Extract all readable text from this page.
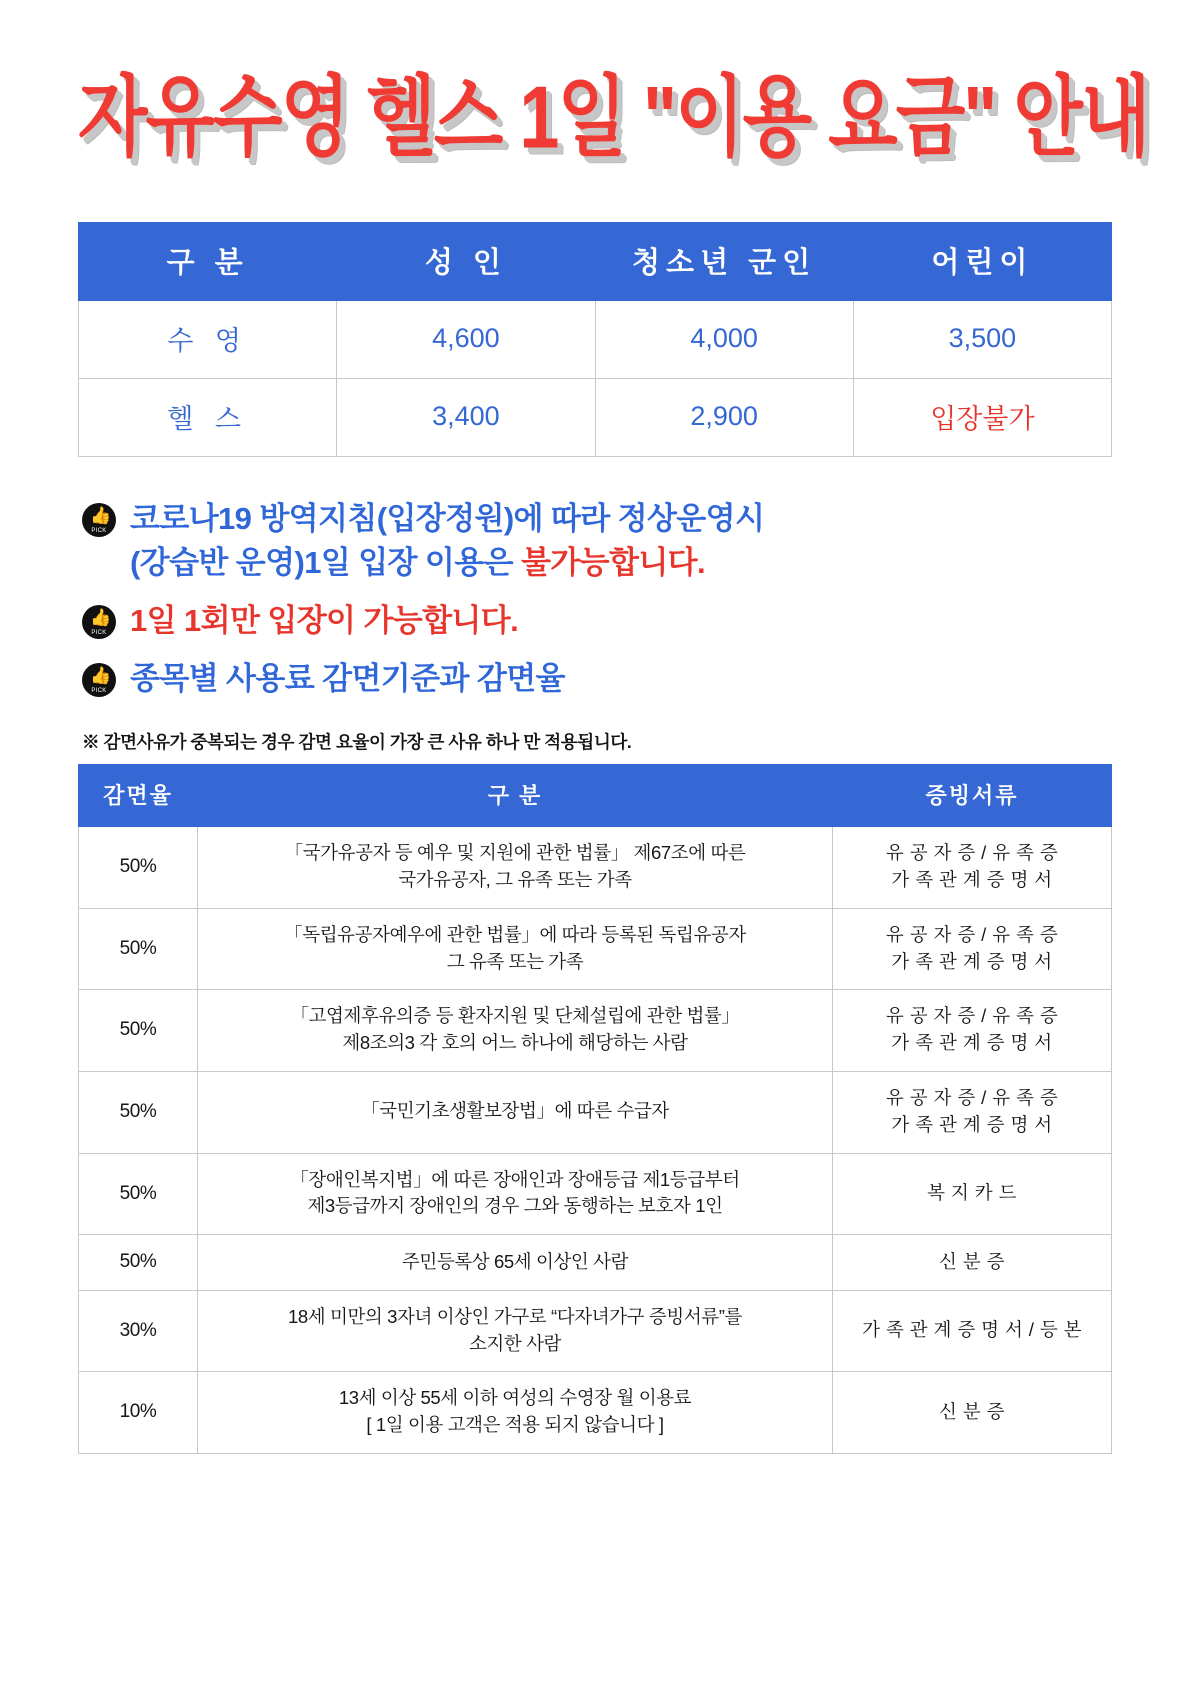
자유수영 헬스 1일 "이용 요금" 안내
구 분	성 인	청소년 군인	어린이
수 영	4,600	4,000	3,500
헬 스	3,400	2,900	입장불가
👍
PICK 코로나19 방역지침(입장정원)에 따라 정상운영시
(강습반 운영)1일 입장 이용은 불가능합니다.
👍
PICK 1일 1회만 입장이 가능합니다.
👍
PICK 종목별 사용료 감면기준과 감면율
※ 감면사유가 중복되는 경우 감면 요율이 가장 큰 사유 하나 만 적용됩니다.
감면율	구 분	증빙서류
50%	「국가유공자 등 예우 및 지원에 관한 법률」 제67조에 따른
국가유공자, 그 유족 또는 가족	유 공 자 증 / 유 족 증
가 족 관 계 증 명 서

50%	「독립유공자예우에 관한 법률」에 따라 등록된 독립유공자
그 유족 또는 가족	유 공 자 증 / 유 족 증
가 족 관 계 증 명 서

50%	「고엽제후유의증 등 환자지원 및 단체설립에 관한 법률」
제8조의3 각 호의 어느 하나에 해당하는 사람	유 공 자 증 / 유 족 증
가 족 관 계 증 명 서

50%	「국민기초생활보장법」에 따른 수급자	유 공 자 증 / 유 족 증
가 족 관 계 증 명 서

50%	「장애인복지법」에 따른 장애인과 장애등급 제1등급부터
제3등급까지 장애인의 경우 그와 동행하는 보호자 1인	복 지 카 드

50%	주민등록상 65세 이상인 사람	신 분 증

30%	18세 미만의 3자녀 이상인 가구로 “다자녀가구 증빙서류”를
소지한 사람	가 족 관 계 증 명 서 / 등 본

10%	13세 이상 55세 이하 여성의 수영장 월 이용료
[ 1일 이용 고객은 적용 되지 않습니다 ]	신 분 증
